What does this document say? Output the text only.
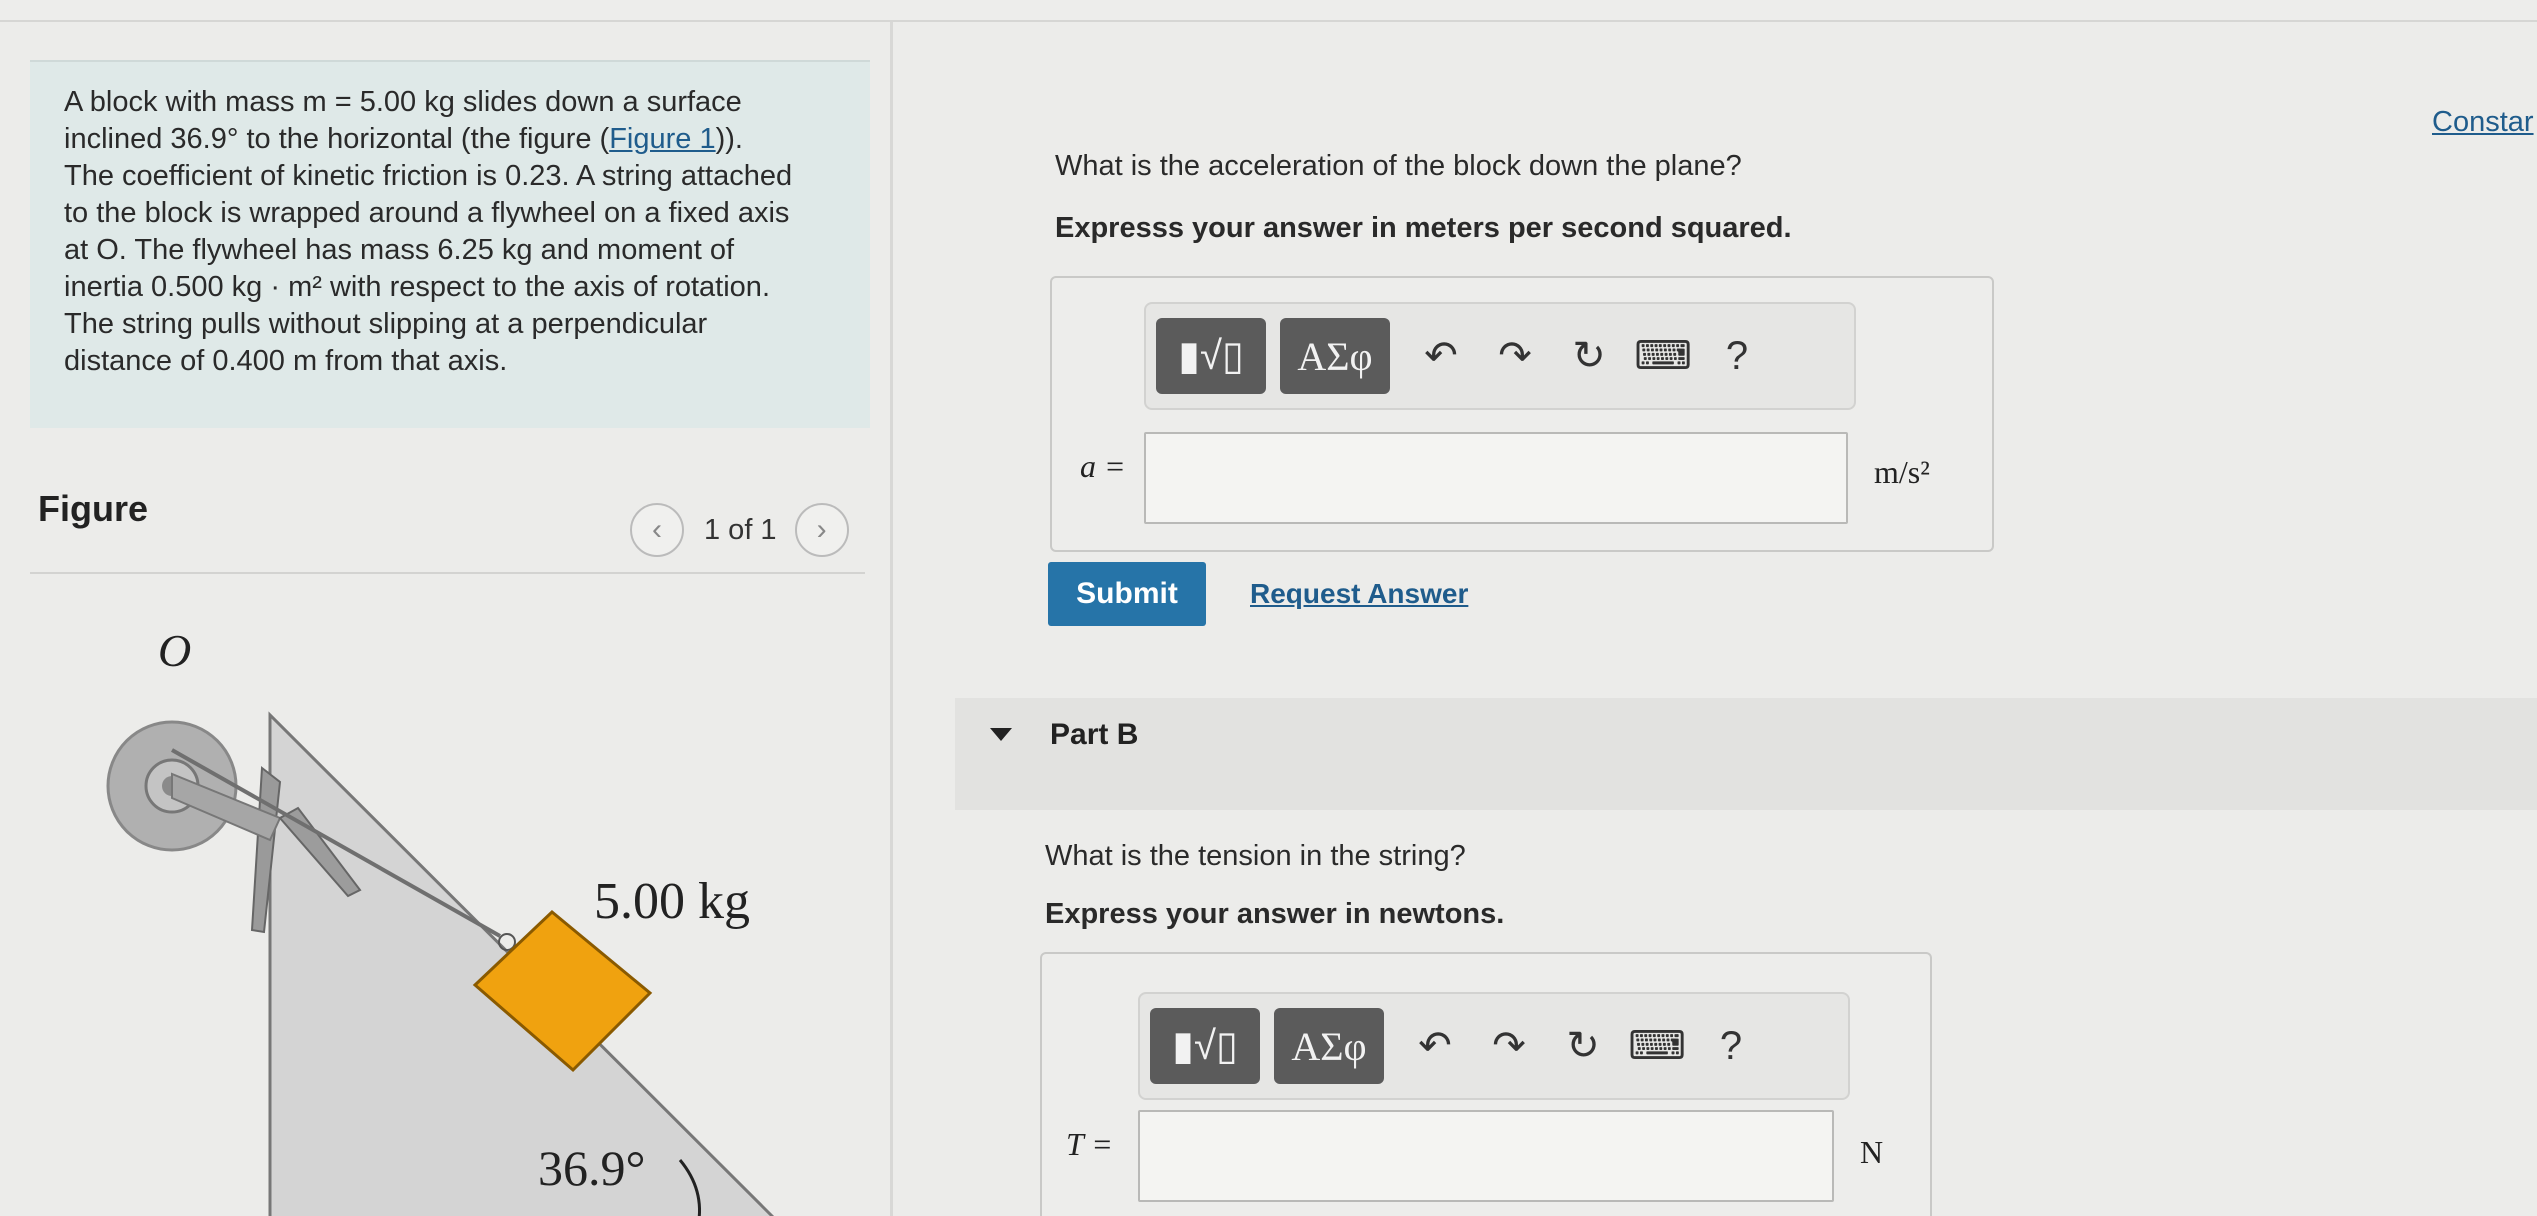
A block with mass m = 5.00 kg slides down a surface
inclined 36.9° to the horizontal (the figure (Figure 1)).
The coefficient of kinetic friction is 0.23. A string attached
to the block is wrapped around a flywheel on a fixed axis
at O. The flywheel has mass 6.25 kg and moment of
inertia 0.500 kg · m² with respect to the axis of rotation.
The string pulls without slipping at a perpendicular
distance of 0.400 m from that axis.
Figure
‹ 1 of 1 ›
O
5.00 kg
36.9°
Constar
What is the acceleration of the block down the plane?
Expresss your answer in meters per second squared.
▮√▯ ΑΣφ ↶ ↷ ↻ ⌨ ?
a =	m/s²
Submit	Request Answer
Part B
What is the tension in the string?
Express your answer in newtons.
▮√▯ ΑΣφ ↶ ↷ ↻ ⌨ ?
T =	N
